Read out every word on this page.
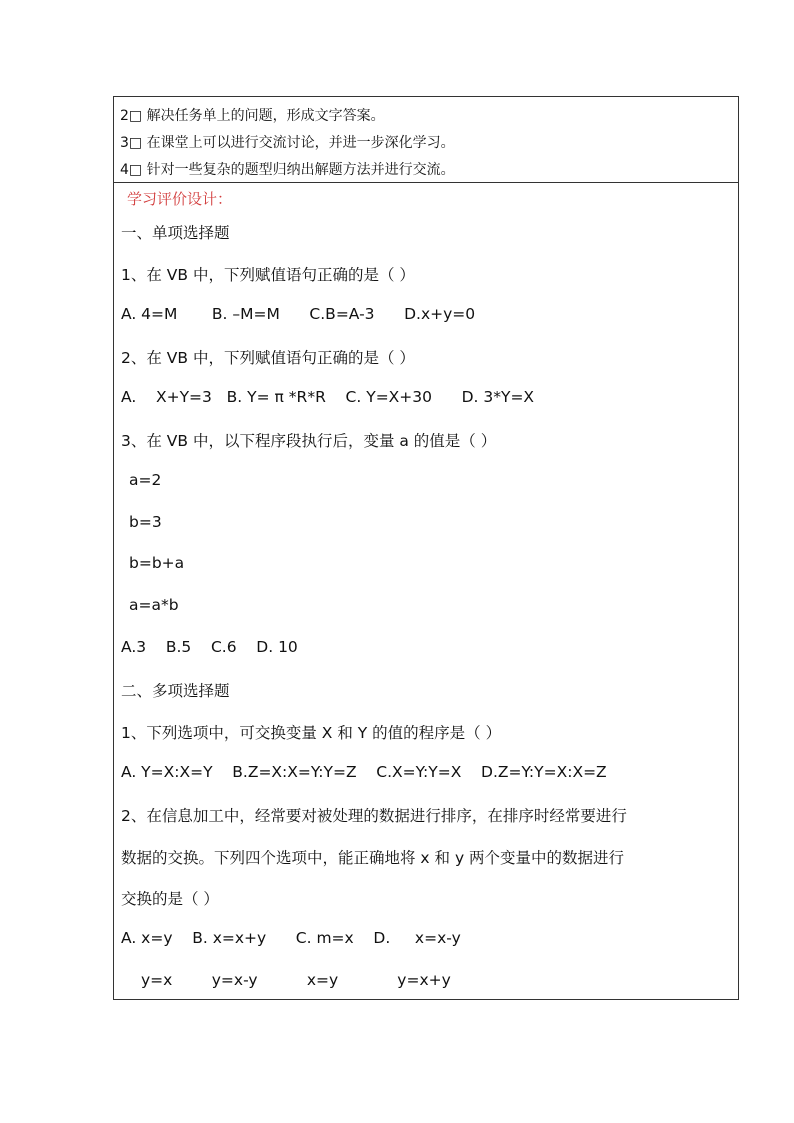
2□ 解决任务单上的问题，形成文字答案。
3□ 在课堂上可以进行交流讨论，并进一步深化学习。
4□ 针对一些复杂的题型归纳出解题方法并进行交流。
学习评价设计：
一、单项选择题
1、在 VB 中，下列赋值语句正确的是（ ）
A. 4=M       B. –M=M      C.B=A-3      D.x+y=0
2、在 VB 中，下列赋值语句正确的是（ ）
A.    X+Y=3   B. Y= π *R*R    C. Y=X+30      D. 3*Y=X
3、在 VB 中，以下程序段执行后，变量 a 的值是（ ）
a=2
b=3
b=b+a
a=a*b
A.3    B.5    C.6    D. 10
二、多项选择题
1、下列选项中，可交换变量 X 和 Y 的值的程序是（ ）
A. Y=X:X=Y    B.Z=X:X=Y:Y=Z    C.X=Y:Y=X    D.Z=Y:Y=X:X=Z
2、在信息加工中，经常要对被处理的数据进行排序，在排序时经常要进行
数据的交换。下列四个选项中，能正确地将 x 和 y 两个变量中的数据进行
交换的是（ ）
A. x=y    B. x=x+y      C. m=x    D.     x=x-y
y=x        y=x-y          x=y            y=x+y
